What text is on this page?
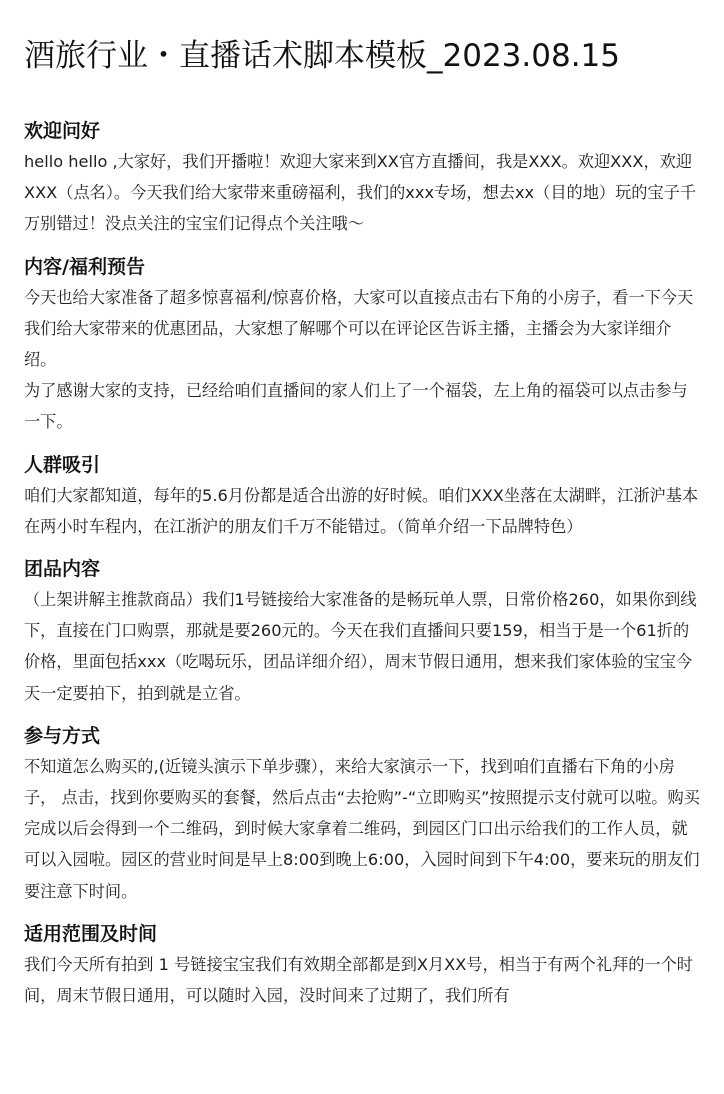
酒旅行业・直播话术脚本模板_2023.08.15
欢迎问好

hello hello ,大家好，我们开播啦！欢迎大家来到XX官方直播间，我是XXX。欢迎XXX，欢迎XXX（点名）。今天我们给大家带来重磅福利，我们的xxx专场，想去xx（目的地）玩的宝子千万别错过！没点关注的宝宝们记得点个关注哦〜

内容/福利预告

今天也给大家准备了超多惊喜福利/惊喜价格，大家可以直接点击右下角的小房子，看一下今天我们给大家带来的优惠团品，大家想了解哪个可以在评论区告诉主播，主播会为大家详细介绍。

为了感谢大家的支持，已经给咱们直播间的家人们上了一个福袋，左上角的福袋可以点击参与一下。

人群吸引

咱们大家都知道，每年的5.6月份都是适合出游的好时候。咱们XXX坐落在太湖畔，江浙沪基本在两小时车程内，在江浙沪的朋友们千万不能错过。（简单介绍一下品牌特色）

团品内容

（上架讲解主推款商品）我们1号链接给大家准备的是畅玩单人票，日常价格260，如果你到线下，直接在门口购票，那就是要260元的。今天在我们直播间只要159，相当于是一个61折的价格，里面包括xxx（吃喝玩乐，团品详细介绍），周末节假日通用，想来我们家体验的宝宝今天一定要拍下，拍到就是立省。

参与方式

不知道怎么购买的,(近镜头演示下单步骤），来给大家演示一下，找到咱们直播右下角的小房子， 点击，找到你要购买的套餐，然后点击“去抢购”-“立即购买”按照提示支付就可以啦。购买完成以后会得到一个二维码，到时候大家拿着二维码，到园区门口出示给我们的工作人员，就可以入园啦。园区的营业时间是早上8:00到晚上6:00，入园时间到下午4:00，要来玩的朋友们要注意下时间。

适用范围及时间

我们今天所有拍到 1 号链接宝宝我们有效期全部都是到X月XX号，相当于有两个礼拜的一个时间，周末节假日通用，可以随时入园，没时间来了过期了，我们所有
